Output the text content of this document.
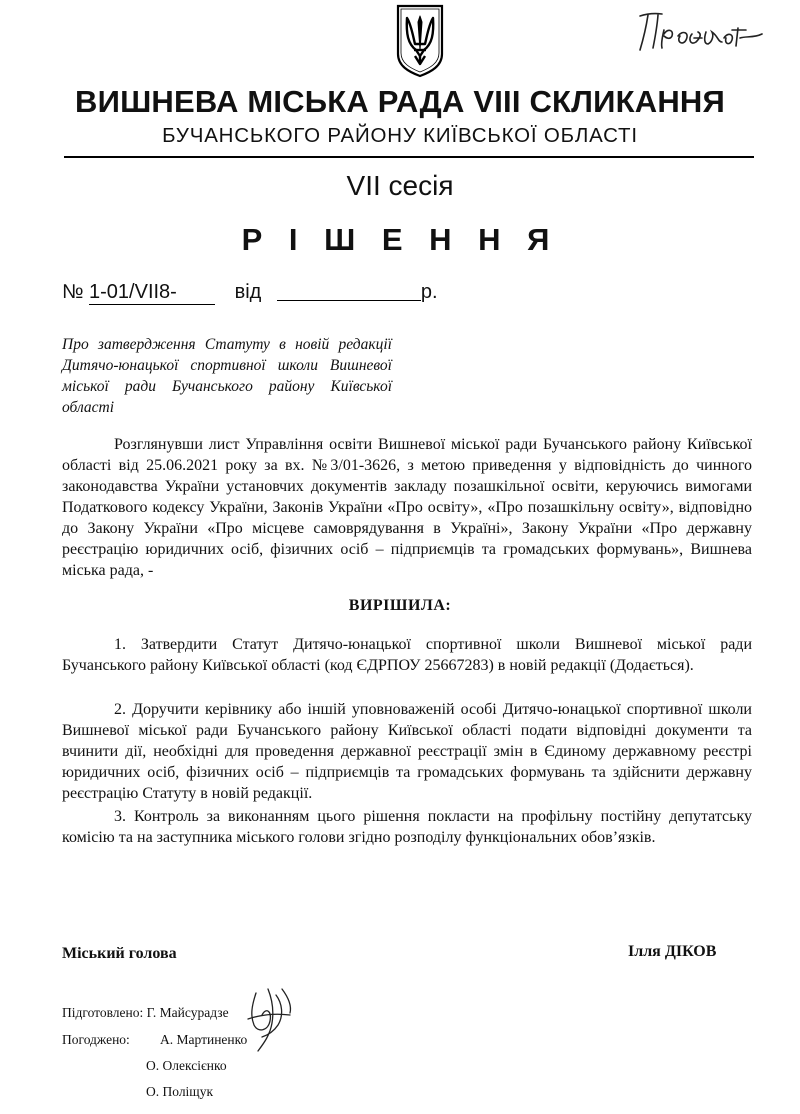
ВИШНЕВА МІСЬКА РАДА VIII СКЛИКАННЯ
БУЧАНСЬКОГО РАЙОНУ КИЇВСЬКОЇ ОБЛАСТІ
VII сесія
Р І Ш Е Н Н Я
№ 1-01/VII8-	від	р.
Про затвердження Статуту в новій редакції Дитячо-юнацької спортивної школи Вишневої міської ради Бучанського району Київської області
Розглянувши лист Управління освіти Вишневої міської ради Бучанського району Київської області від 25.06.2021 року за вх. №3/01-3626, з метою приведення у відповідність до чинного законодавства України установчих документів закладу позашкільної освіти, керуючись вимогами Податкового кодексу України, Законів України «Про освіту», «Про позашкільну освіту», відповідно до Закону України «Про місцеве самоврядування в Україні», Закону України «Про державну реєстрацію юридичних осіб, фізичних осіб – підприємців та громадських формувань», Вишнева міська рада, -
ВИРІШИЛА:
1. Затвердити Статут Дитячо-юнацької спортивної школи Вишневої міської ради Бучанського району Київської області (код ЄДРПОУ 25667283) в новій редакції (Додається).
2. Доручити керівнику або іншій уповноваженій особі Дитячо-юнацької спортивної школи Вишневої міської ради Бучанського району Київської області подати відповідні документи та вчинити дії, необхідні для проведення державної реєстрації змін в Єдиному державному реєстрі юридичних осіб, фізичних осіб – підприємців та громадських формувань та здійснити державну реєстрацію Статуту в новій редакції.
3. Контроль за виконанням цього рішення покласти на профільну постійну депутатську комісію та на заступника міського голови згідно розподілу функціональних обов’язків.
Міський голова	Ілля ДІКОВ
Підготовлено: Г. Майсурадзе
Погоджено: А. Мартиненко
О. Олексієнко
О. Поліщук
